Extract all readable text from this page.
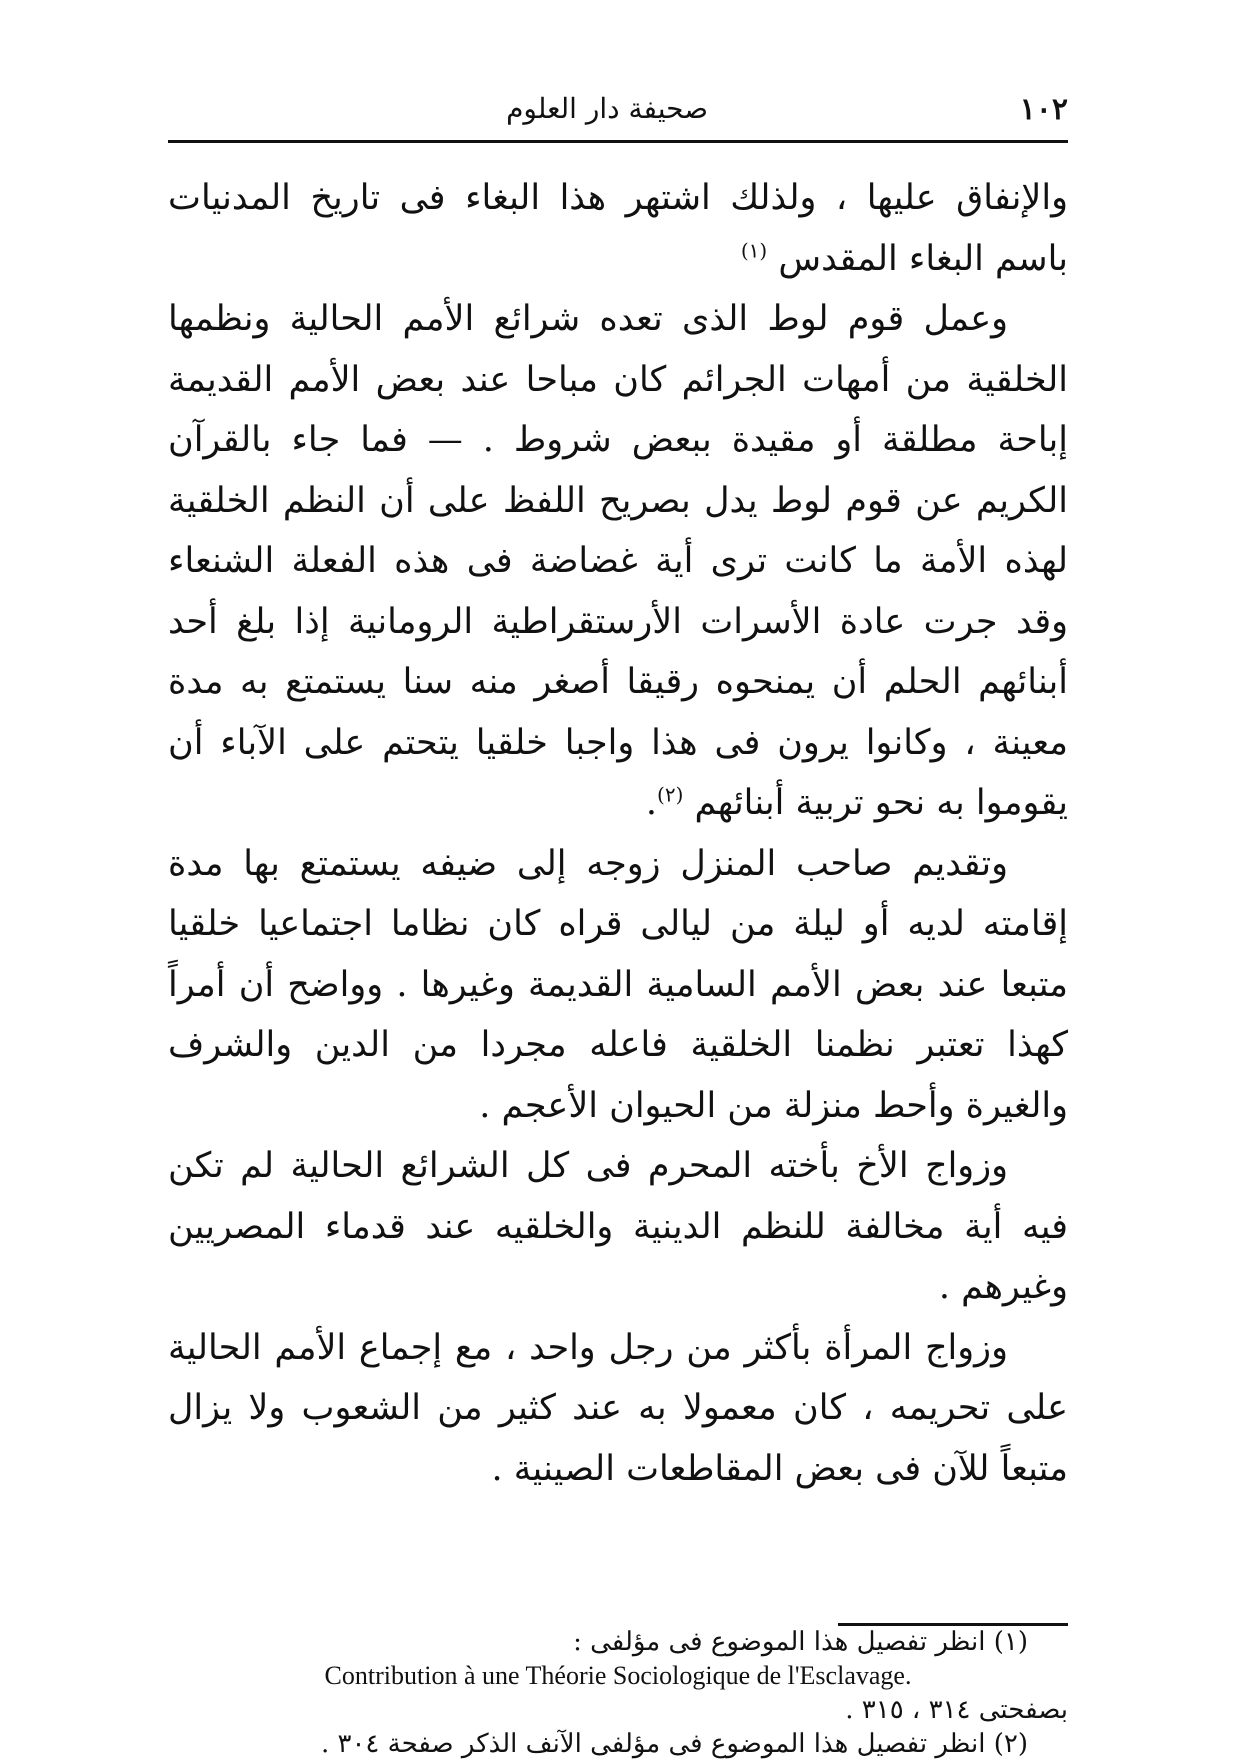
١٠٢
صحيفة دار العلوم

والإنفاق عليها ، ولذلك اشتهر هذا البغاء فى تاريخ المدنيات باسم البغاء المقدس $^{(١)}$

وعمل قوم لوط الذى تعده شرائع الأمم الحالية ونظمها الخلقية من أمهات الجرائم كان مباحا عند بعض الأمم القديمة إباحة مطلقة أو مقيدة ببعض شروط . — فما جاء بالقرآن الكريم عن قوم لوط يدل بصريح اللفظ على أن النظم الخلقية لهذه الأمة ما كانت ترى أية غضاضة فى هذه الفعلة الشنعاء وقد جرت عادة الأسرات الأرستقراطية الرومانية إذا بلغ أحد أبنائهم الحلم أن يمنحوه رقيقا أصغر منه سنا يستمتع به مدة معينة ، وكانوا يرون فى هذا واجبا خلقيا يتحتم على الآباء أن يقوموا به نحو تربية أبنائهم $^{(٢)}$.

وتقديم صاحب المنزل زوجه إلى ضيفه يستمتع بها مدة إقامته لديه أو ليلة من ليالى قراه كان نظاما اجتماعيا خلقيا متبعا عند بعض الأمم السامية القديمة وغيرها . وواضح أن أمراً كهذا تعتبر نظمنا الخلقية فاعله مجردا من الدين والشرف والغيرة وأحط منزلة من الحيوان الأعجم .

وزواج الأخ بأخته المحرم فى كل الشرائع الحالية لم تكن فيه أية مخالفة للنظم الدينية والخلقيه عند قدماء المصريين وغيرهم .

وزواج المرأة بأكثر من رجل واحد ، مع إجماع الأمم الحالية على تحريمه ، كان معمولا به عند كثير من الشعوب ولا يزال متبعاً للآن فى بعض المقاطعات الصينية .

(١) انظر تفصيل هذا الموضوع فى مؤلفى :

Contribution à une Théorie Sociologique de l'Esclavage.

بصفحتى ٣١٤ ، ٣١٥ .

(٢) انظر تفصيل هذا الموضوع فى مؤلفى الآنف الذكر صفحة ٣٠٤ .
